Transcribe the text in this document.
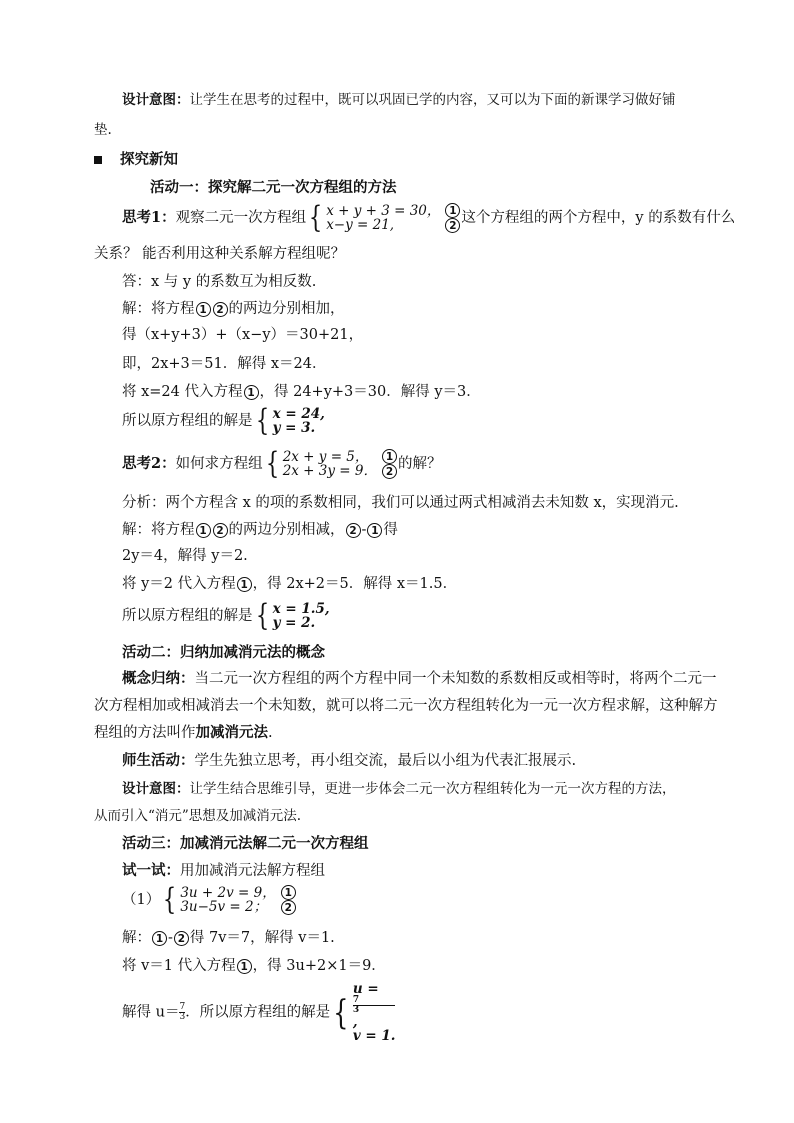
设计意图：让学生在思考的过程中，既可以巩固已学的内容，又可以为下面的新课学习做好铺
垫.
探究新知
活动一：探究解二元一次方程组的方法
思考1：观察二元一次方程组 { x + y + 3 = 30，
x−y = 21,
1
2 这个方程组的两个方程中，y 的系数有什么
关系？ 能否利用这种关系解方程组呢？
答：x 与 y 的系数互为相反数.
解：将方程 1 2 的两边分别相加，
得（x+y+3）+（x−y）＝30+21，
即，2x+3＝51．解得 x＝24．
将 x=24 代入方程 1 ，得 24+y+3＝30．解得 y＝3．
所以原方程组的解是 { x = 24,
y = 3.
思考2：如何求方程组 { 2x + y = 5，
2x + 3y = 9．
1
2 的解？
分析：两个方程含 x 的项的系数相同，我们可以通过两式相减消去未知数 x，实现消元.
解：将方程 1 2 的两边分别相减， 2 - 1 得
2y＝4，解得 y＝2.
将 y＝2 代入方程 1 ，得 2x+2＝5．解得 x＝1.5．
所以原方程组的解是 { x = 1.5,
y = 2.
活动二：归纳加减消元法的概念
概念归纳：当二元一次方程组的两个方程中同一个未知数的系数相反或相等时，将两个二元一
次方程相加或相减消去一个未知数，就可以将二元一次方程组转化为一元一次方程求解，这种解方
程组的方法叫作加减消元法.
师生活动：学生先独立思考，再小组交流，最后以小组为代表汇报展示.
设计意图：让学生结合思维引导，更进一步体会二元一次方程组转化为一元一次方程的方法，
从而引入“消元”思想及加减消元法.
活动三：加减消元法解二元一次方程组
试一试：用加减消元法解方程组
（1） { 3u + 2v = 9，
3u−5v = 2；
1
2
解： 1 - 2 得 7v＝7，解得 v＝1.
将 v＝1 代入方程 1 ，得 3u+2×1＝9．
解得 $u= \frac{7}{3}$ ．所以原方程组的解是 {
u =
7
3
,
v = 1.
